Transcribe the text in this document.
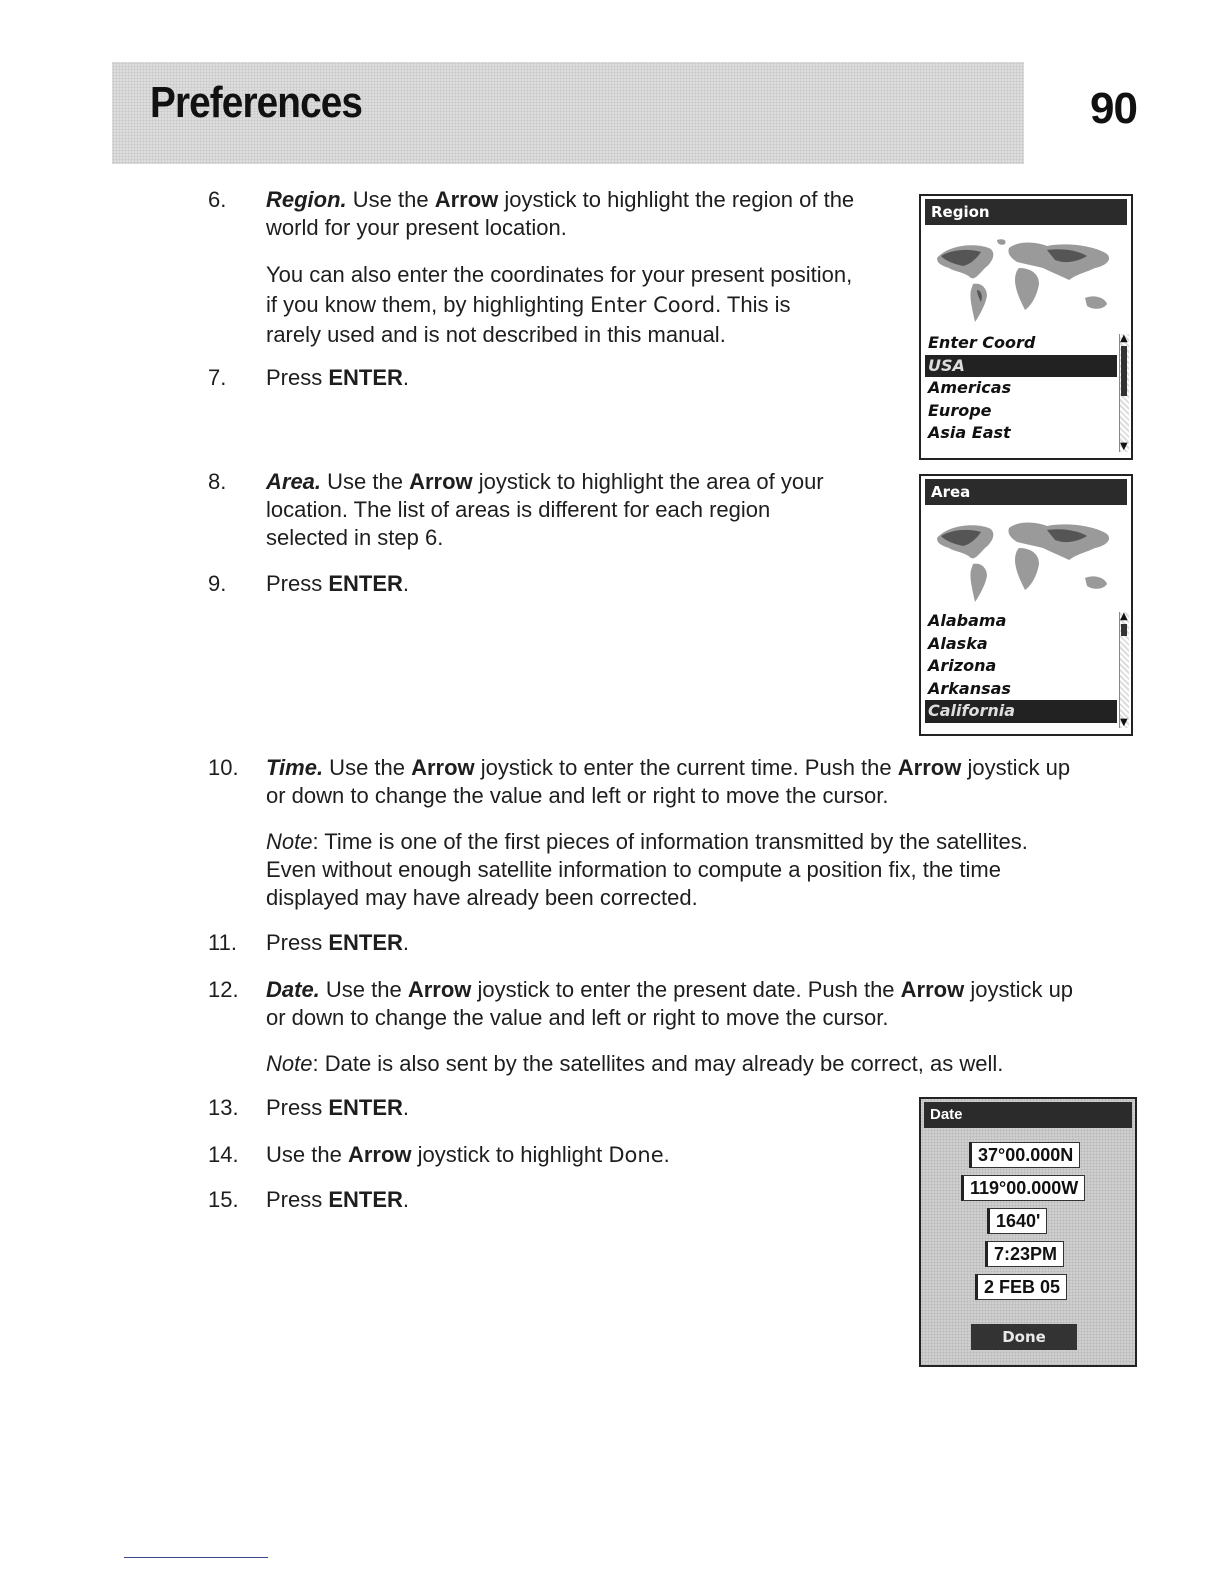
Preferences	90
6.	Region. Use the Arrow joystick to highlight the region of the
world for your present location.
You can also enter the coordinates for your present position,
if you know them, by highlighting Enter Coord. This is
rarely used and is not described in this manual.
7.	Press ENTER.
8.	Area. Use the Arrow joystick to highlight the area of your
location. The list of areas is different for each region
selected in step 6.
9.	Press ENTER.
Region
Enter Coord
USA
Americas
Europe
Asia East
▲
▼
Area
Alabama
Alaska
Arizona
Arkansas
California
▲
▼
10.	Time. Use the Arrow joystick to enter the current time. Push the Arrow joystick up
or down to change the value and left or right to move the cursor.
Note: Time is one of the first pieces of information transmitted by the satellites.
Even without enough satellite information to compute a position fix, the time
displayed may have already been corrected.
11.	Press ENTER.
12.	Date. Use the Arrow joystick to enter the present date. Push the Arrow joystick up
or down to change the value and left or right to move the cursor.
Note: Date is also sent by the satellites and may already be correct, as well.
13.	Press ENTER.
14.	Use the Arrow joystick to highlight Done.
15.	Press ENTER.
Date
37°00.000N
119°00.000W
1640'
7:23PM
2 FEB 05
Done
